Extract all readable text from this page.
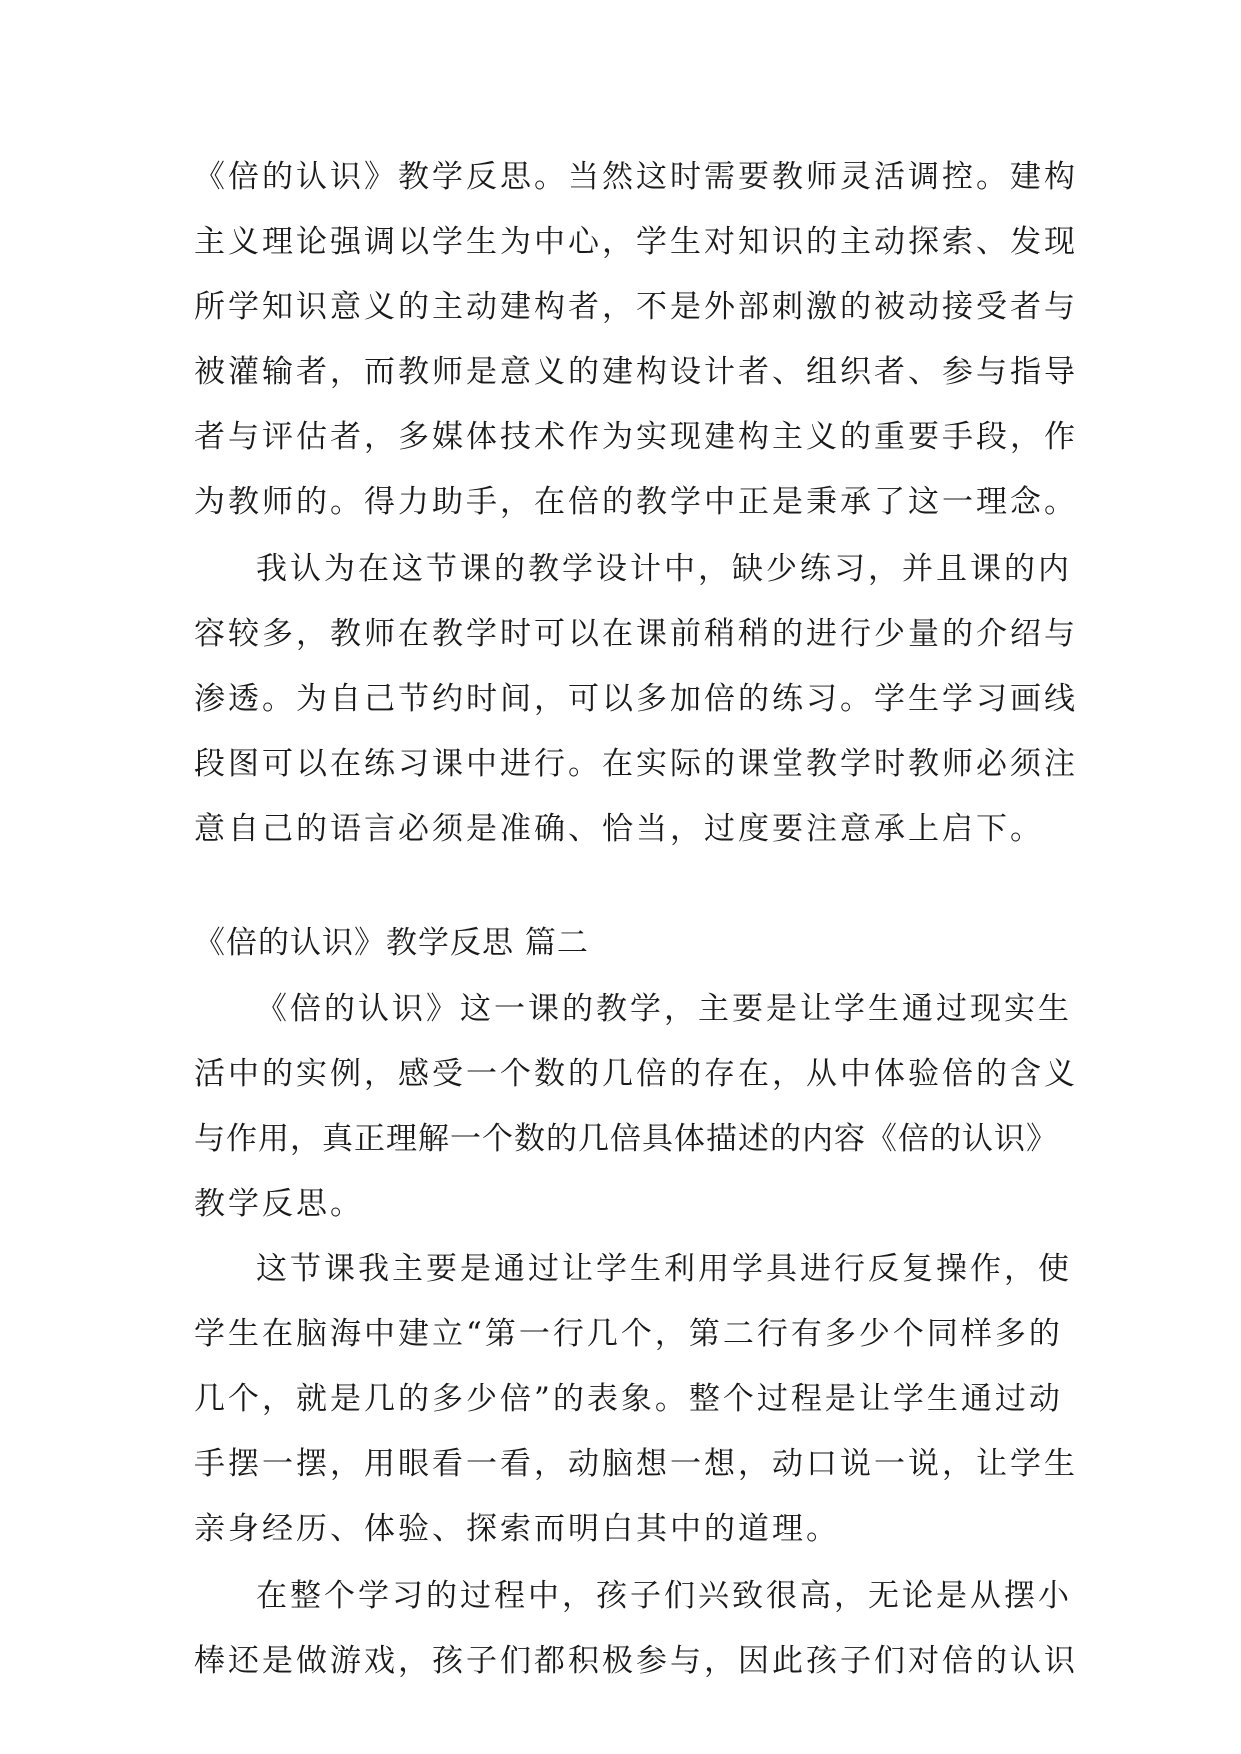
《倍的认识》教学反思。当然这时需要教师灵活调控。建构
主义理论强调以学生为中心，学生对知识的主动探索、发现
所学知识意义的主动建构者，不是外部刺激的被动接受者与
被灌输者，而教师是意义的建构设计者、组织者、参与指导
者与评估者，多媒体技术作为实现建构主义的重要手段，作
为教师的。得力助手，在倍的教学中正是秉承了这一理念。
我认为在这节课的教学设计中，缺少练习，并且课的内
容较多，教师在教学时可以在课前稍稍的进行少量的介绍与
渗透。为自己节约时间，可以多加倍的练习。学生学习画线
段图可以在练习课中进行。在实际的课堂教学时教师必须注
意自己的语言必须是准确、恰当，过度要注意承上启下。
《倍的认识》教学反思 篇二
《倍的认识》这一课的教学，主要是让学生通过现实生
活中的实例，感受一个数的几倍的存在，从中体验倍的含义
与作用，真正理解一个数的几倍具体描述的内容《倍的认识》
教学反思。
这节课我主要是通过让学生利用学具进行反复操作，使
学生在脑海中建立“第一行几个，第二行有多少个同样多的
几个，就是几的多少倍”的表象。整个过程是让学生通过动
手摆一摆，用眼看一看，动脑想一想，动口说一说，让学生
亲身经历、体验、探索而明白其中的道理。
在整个学习的过程中，孩子们兴致很高，无论是从摆小
棒还是做游戏，孩子们都积极参与，因此孩子们对倍的认识
